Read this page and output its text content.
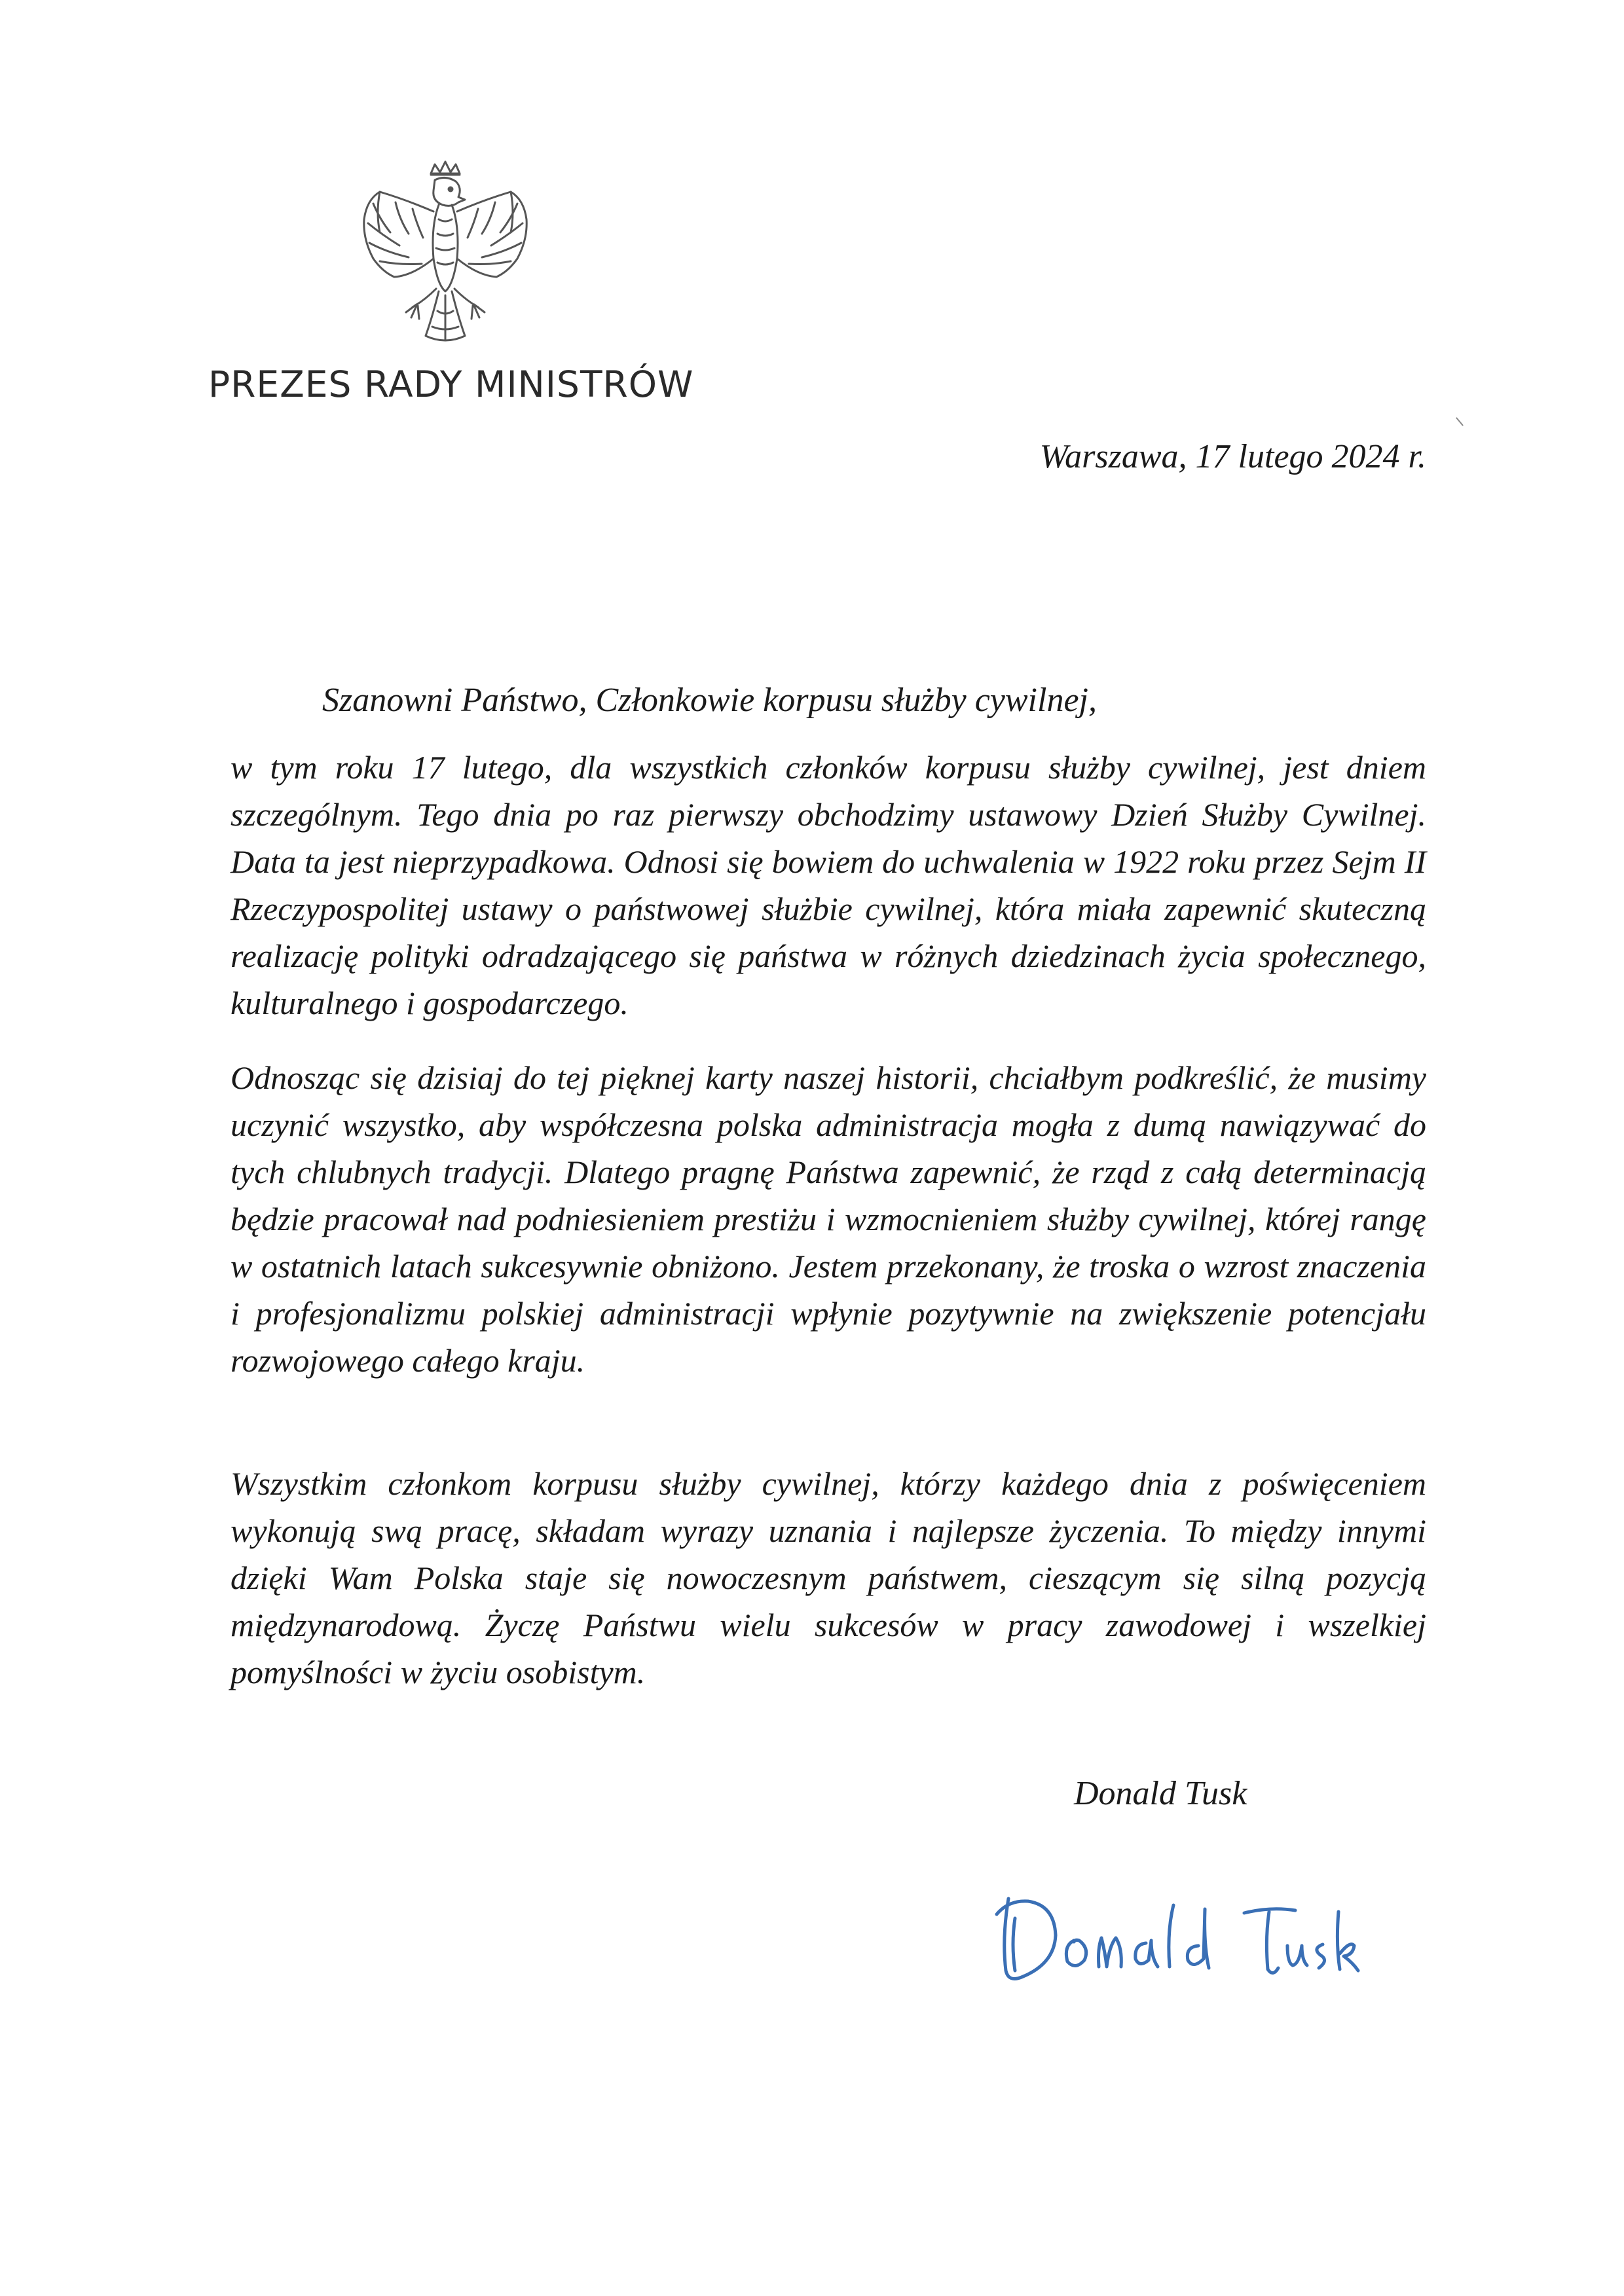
PREZES RADY MINISTRÓW
Warszawa, 17 lutego 2024 r.
Szanowni Państwo, Członkowie korpusu służby cywilnej,
w tym roku 17 lutego, dla wszystkich członków korpusu służby cywilnej, jest dniem szczególnym. Tego dnia po raz pierwszy obchodzimy ustawowy Dzień Służby Cywilnej. Data ta jest nieprzypadkowa. Odnosi się bowiem do uchwalenia w 1922 roku przez Sejm II Rzeczypospolitej ustawy o państwowej służbie cywilnej, która miała zapewnić skuteczną realizację polityki odradzającego się państwa w różnych dziedzinach życia społecznego, kulturalnego i gospodarczego.
Odnosząc się dzisiaj do tej pięknej karty naszej historii, chciałbym podkreślić, że musimy uczynić wszystko, aby współczesna polska administracja mogła z dumą nawiązywać do tych chlubnych tradycji. Dlatego pragnę Państwa zapewnić, że rząd z całą determinacją będzie pracował nad podniesieniem prestiżu i wzmocnieniem służby cywilnej, której rangę w ostatnich latach sukcesywnie obniżono. Jestem przekonany, że troska o wzrost znaczenia i profesjonalizmu polskiej administracji wpłynie pozytywnie na zwiększenie potencjału rozwojowego całego kraju.
Wszystkim członkom korpusu służby cywilnej, którzy każdego dnia z poświęceniem wykonują swą pracę, składam wyrazy uznania i najlepsze życzenia. To między innymi dzięki Wam Polska staje się nowoczesnym państwem, cieszącym się silną pozycją międzynarodową. Życzę Państwu wielu sukcesów w pracy zawodowej i wszelkiej pomyślności w życiu osobistym.
Donald Tusk
